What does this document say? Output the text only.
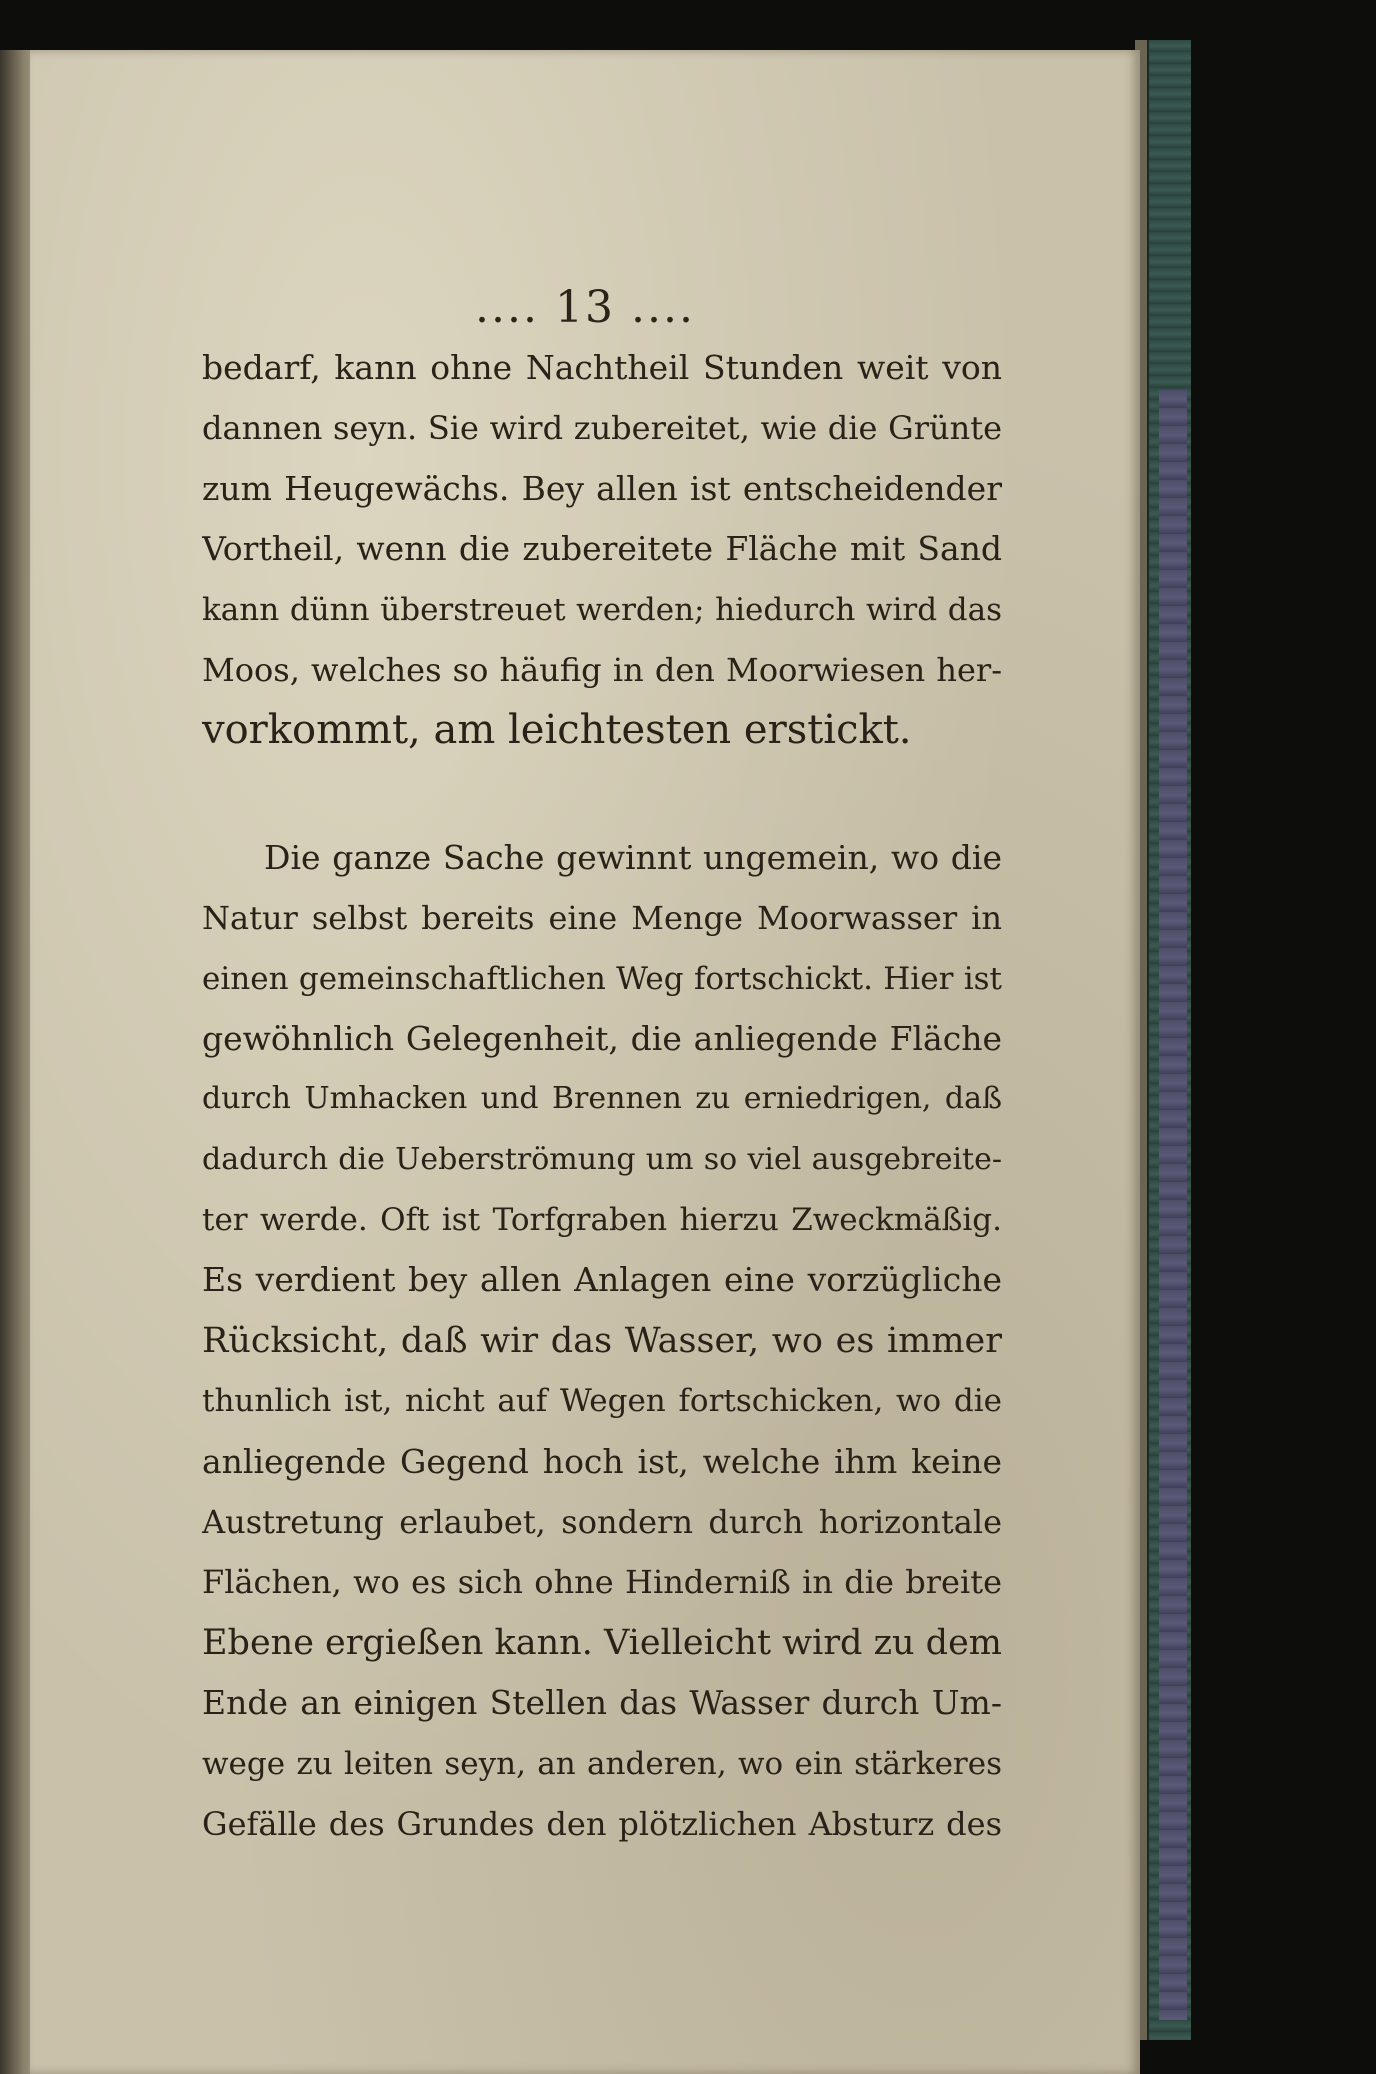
.... 13 ....
bedarf, kann ohne Nachtheil Stunden weit von
dannen seyn. Sie wird zubereitet, wie die Grünte
zum Heugewächs. Bey allen ist entscheidender
Vortheil, wenn die zubereitete Fläche mit Sand
kann dünn überstreuet werden; hiedurch wird das
Moos, welches so häufig in den Moorwiesen her-
vorkommt, am leichtesten erstickt.
Die ganze Sache gewinnt ungemein, wo die
Natur selbst bereits eine Menge Moorwasser in
einen gemeinschaftlichen Weg fortschickt. Hier ist
gewöhnlich Gelegenheit, die anliegende Fläche
durch Umhacken und Brennen zu erniedrigen, daß
dadurch die Ueberströmung um so viel ausgebreite-
ter werde. Oft ist Torfgraben hierzu Zweckmäßig.
Es verdient bey allen Anlagen eine vorzügliche
Rücksicht, daß wir das Wasser, wo es immer
thunlich ist, nicht auf Wegen fortschicken, wo die
anliegende Gegend hoch ist, welche ihm keine
Austretung erlaubet, sondern durch horizontale
Flächen, wo es sich ohne Hinderniß in die breite
Ebene ergießen kann. Vielleicht wird zu dem
Ende an einigen Stellen das Wasser durch Um-
wege zu leiten seyn, an anderen, wo ein stärkeres
Gefälle des Grundes den plötzlichen Absturz des
